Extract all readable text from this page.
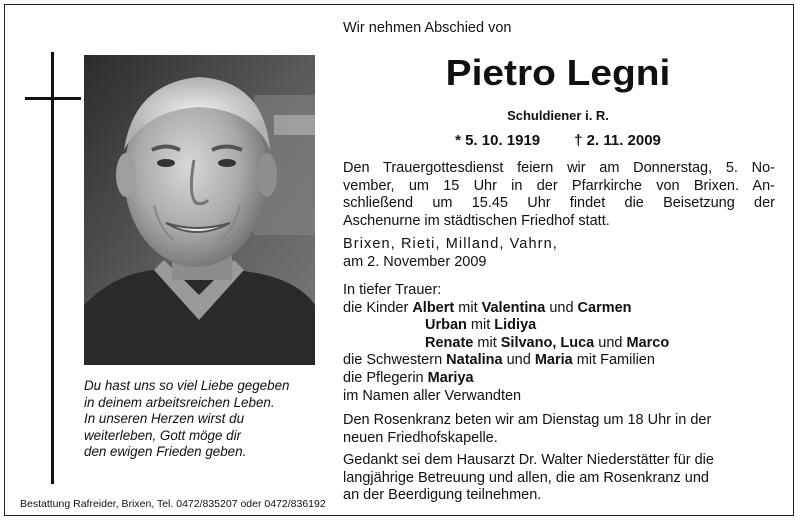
Du hast uns so viel Liebe gegeben
in deinem arbeitsreichen Leben.
In unseren Herzen wirst du
weiterleben, Gott möge dir
den ewigen Frieden geben.
Bestattung Rafreider, Brixen, Tel. 0472/835207 oder 0472/836192
Wir nehmen Abschied von
Pietro Legni
Schuldiener i. R.
* 5. 10. 1919 † 2. 11. 2009
Den Trauergottesdienst feiern wir am Donnerstag, 5. No-
vember, um 15 Uhr in der Pfarrkirche von Brixen. An-
schließend um 15.45 Uhr findet die Beisetzung der
Aschenurne im städtischen Friedhof statt.
Brixen, Rieti, Milland, Vahrn,
am 2. November 2009
In tiefer Trauer:
die Kinder Albert mit Valentina und Carmen
Urban mit Lidiya
Renate mit Silvano, Luca und Marco
die Schwestern Natalina und Maria mit Familien
die Pflegerin Mariya
im Namen aller Verwandten
Den Rosenkranz beten wir am Dienstag um 18 Uhr in der
neuen Friedhofskapelle.
Gedankt sei dem Hausarzt Dr. Walter Niederstätter für die
langjährige Betreuung und allen, die am Rosenkranz und
an der Beerdigung teilnehmen.
